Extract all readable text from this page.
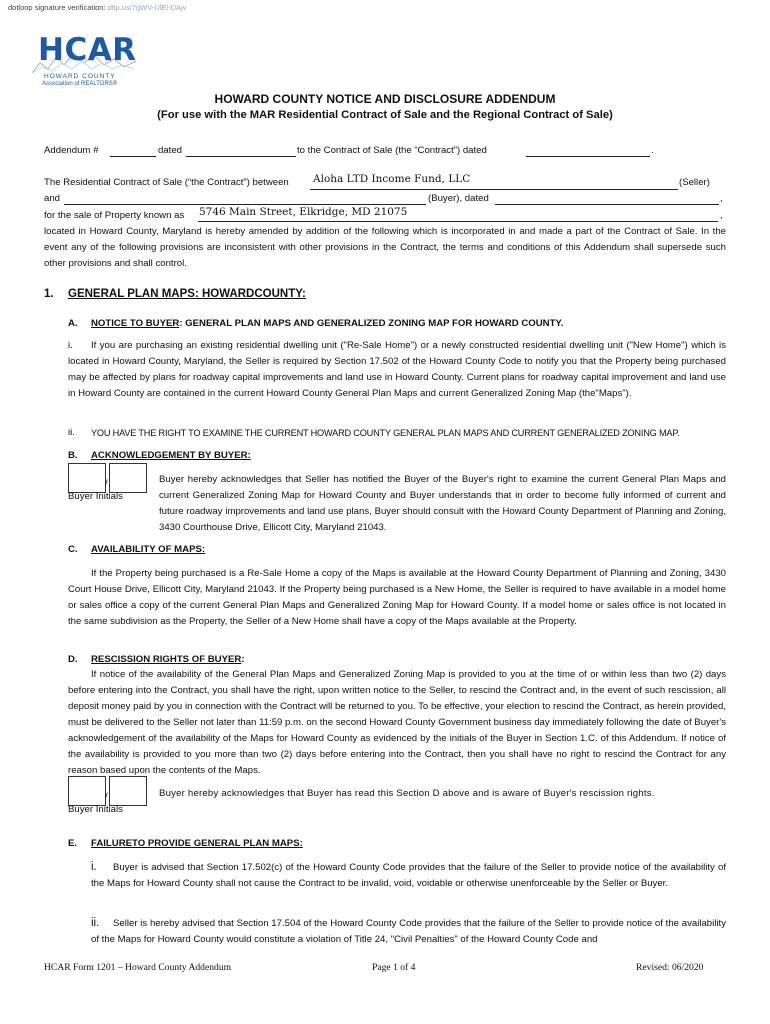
dotloop signature verification: dtlp.us/7gWV-UlEl-DAjv
HCAR
HOWARD COUNTY
Association of REALTORS®
HOWARD COUNTY NOTICE AND DISCLOSURE ADDENDUM
(For use with the MAR Residential Contract of Sale and the Regional Contract of Sale)
Addendum #	dated	to the Contract of Sale (the “Contract”) dated	.
The Residential Contract of Sale (“the Contract”) between Aloha LTD Income Fund, LLC	(Seller)
and	(Buyer), dated	,
for the sale of Property known as 5746 Main Street, Elkridge, MD 21075	,
located in Howard County, Maryland is hereby amended by addition of the following which is incorporated in and made a part of the Contract of Sale. In the event any of the following provisions are inconsistent with other provisions in the Contract, the terms and conditions of this Addendum shall supersede such other provisions and shall control.
1. GENERAL PLAN MAPS: HOWARDCOUNTY:
A. NOTICE TO BUYER: GENERAL PLAN MAPS AND GENERALIZED ZONING MAP FOR HOWARD COUNTY.
i.	If you are purchasing an existing residential dwelling unit ("Re-Sale Home") or a newly constructed residential dwelling unit ("New Home") which is located in Howard County, Maryland, the Seller is required by Section 17.502 of the Howard County Code to notify you that the Property being purchased may be affected by plans for roadway capital improvements and land use in Howard County. Current plans for roadway capital improvement and land use in Howard County are contained in the current Howard County General Plan Maps and current Generalized Zoning Map (the"Maps").
ii. YOU HAVE THE RIGHT TO EXAMINE THE CURRENT HOWARD COUNTY GENERAL PLAN MAPS AND CURRENT GENERALIZED ZONING MAP.
B. ACKNOWLEDGEMENT BY BUYER:
/
Buyer Initials
Buyer hereby acknowledges that Seller has notified the Buyer of the Buyer's right to examine the current General Plan Maps and current Generalized Zoning Map for Howard County and Buyer understands that in order to become fully informed of current and future roadway improvements and land use plans, Buyer should consult with the Howard County Department of Planning and Zoning, 3430 Courthouse Drive, Ellicott City, Maryland 21043.
C. AVAILABILITY OF MAPS:
If the Property being purchased is a Re-Sale Home a copy of the Maps is available at the Howard County Department of Planning and Zoning, 3430 Court House Drive, Ellicott City, Maryland 21043. If the Property being purchased is a New Home, the Seller is required to have available in a model home or sales office a copy of the current General Plan Maps and Generalized Zoning Map for Howard County. If a model home or sales office is not located in the same subdivision as the Property, the Seller of a New Home shall have a copy of the Maps available at the Property.
D. RESCISSION RIGHTS OF BUYER:
If notice of the availability of the General Plan Maps and Generalized Zoning Map is provided to you at the time of or within less than two (2) days before entering into the Contract, you shall have the right, upon written notice to the Seller, to rescind the Contract and, in the event of such rescission, all deposit money paid by you in connection with the Contract will be returned to you. To be effective, your election to rescind the Contract, as herein provided, must be delivered to the Seller not later than 11:59 p.m. on the second Howard County Government business day immediately following the date of Buyer's acknowledgement of the availability of the Maps for Howard County as evidenced by the initials of the Buyer in Section 1.C. of this Addendum. If notice of the availability is provided to you more than two (2) days before entering into the Contract, then you shall have no right to rescind the Contract for any reason based upon the contents of the Maps.
/	Buyer hereby acknowledges that Buyer has read this Section D above and is aware of Buyer's rescission rights.
Buyer Initials
E. FAILURETO PROVIDE GENERAL PLAN MAPS:
i.	Buyer is advised that Section 17.502(c) of the Howard County Code provides that the failure of the Seller to provide notice of the availability of the Maps for Howard County shall not cause the Contract to be invalid, void, voidable or otherwise unenforceable by the Seller or Buyer.
ii.	Seller is hereby advised that Section 17.504 of the Howard County Code provides that the failure of the Seller to provide notice of the availability of the Maps for Howard County would constitute a violation of Title 24, "Civil Penalties" of the Howard County Code and
HCAR Form 1201 – Howard County Addendum	Page 1 of 4	Revised: 06/2020
